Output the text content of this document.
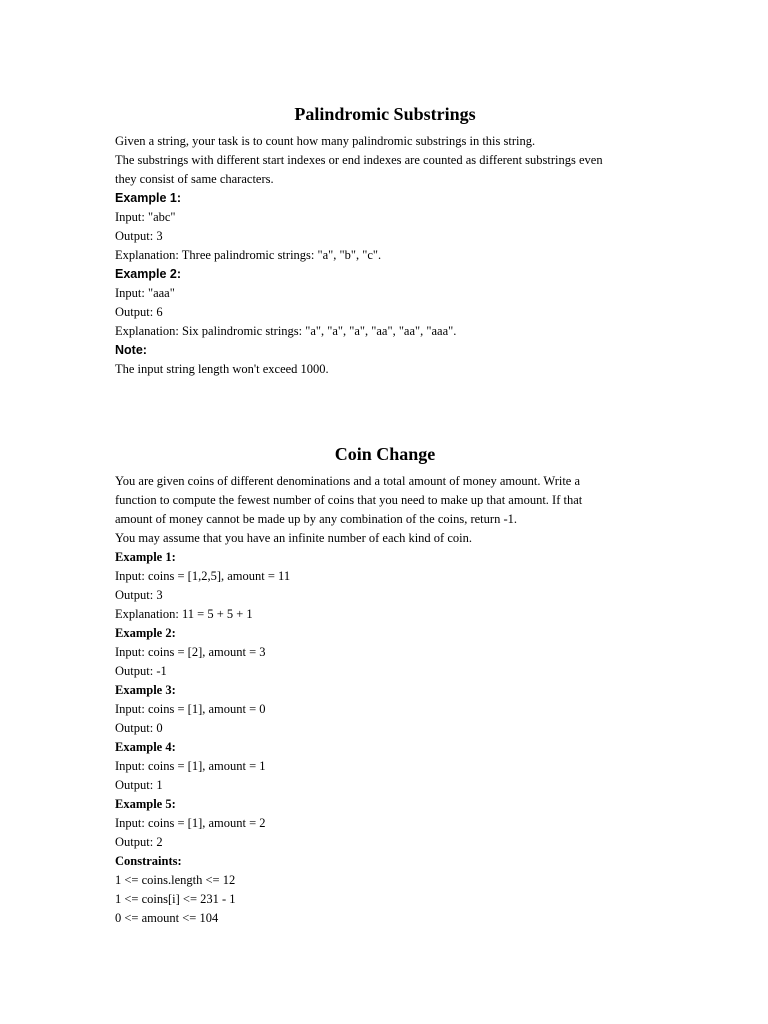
Palindromic Substrings
Given a string, your task is to count how many palindromic substrings in this string.
The substrings with different start indexes or end indexes are counted as different substrings even
they consist of same characters.
Example 1:
Input: "abc"
Output: 3
Explanation: Three palindromic strings: "a", "b", "c".
Example 2:
Input: "aaa"
Output: 6
Explanation: Six palindromic strings: "a", "a", "a", "aa", "aa", "aaa".
Note:
The input string length won't exceed 1000.
Coin Change
You are given coins of different denominations and a total amount of money amount. Write a
function to compute the fewest number of coins that you need to make up that amount. If that
amount of money cannot be made up by any combination of the coins, return -1.
You may assume that you have an infinite number of each kind of coin.
Example 1:
Input: coins = [1,2,5], amount = 11
Output: 3
Explanation: 11 = 5 + 5 + 1
Example 2:
Input: coins = [2], amount = 3
Output: -1
Example 3:
Input: coins = [1], amount = 0
Output: 0
Example 4:
Input: coins = [1], amount = 1
Output: 1
Example 5:
Input: coins = [1], amount = 2
Output: 2
Constraints:
1 <= coins.length <= 12
1 <= coins[i] <= 231 - 1
0 <= amount <= 104
